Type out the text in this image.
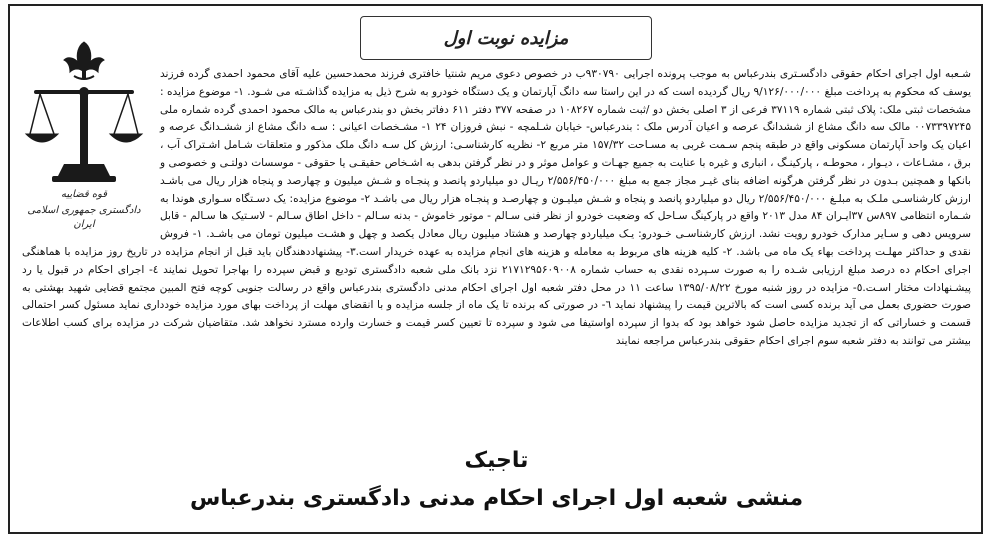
مزایده نوبت اول
قوه قضاییه
دادگستری جمهوری اسلامی ایران
شـعبه اول اجرای احکام حقوقی دادگسـتری بندرعباس به موجب پرونده اجرایی ۹۳۰۷۹۰ب در خصوص دعوی مریم شنتیا خافتری فرزند محمدحسین علیه آقای محمود احمدی گرده فرزند یوسف که محکوم به پرداخت مبلغ ۹/۱۲۶/۰۰۰/۰۰۰ ریال گردیده است که در این راستا سه دانگ آپارتمان و یک دستگاه خودرو به شرح ذیل به مزایده گذاشـته می شـود. ۱- موضوع مزایده : مشخصات ثبتی ملک: پلاک ثبتی شماره ۳۷۱۱۹ فرعی از ۳ اصلی بخش دو /ثبت شماره ۱۰۸۲۶۷ در صفحه ۳۷۷ دفتر ۶۱۱ دفاتر بخش دو بندرعباس به مالک محمود احمدی گرده شماره ملی ۰۰۷۳۳۹۷۲۴۵ مالک سه دانگ مشاع از ششدانگ عرصه و اعیان آدرس ملک : بندرعباس- خیابان شـلمچه - نبش فروزان ۲۴ ۱- مشـخصات اعیانی : سـه دانگ مشاع از ششـدانگ عرصه و اعیان یک واحد آپارتمان مسکونی واقع در طبقه پنجم سـمت غربی به مسـاحت ۱۵۷/۳۲ متر مربع ۲- نظریه کارشناسـی: ارزش کل سـه دانگ ملک مذکور و متعلقات شـامل اشـتراک آب ، برق ، مشـاعات ، دیـوار ، محوطـه ، پارکینـگ ، انباری و غیره با عنایت به جمیع جهـات و عوامل موثر و در نظر گرفتن بدهی به اشـخاص حقیقـی یا حقوقی - موسسات دولتـی و خصوصی و بانکها و همچنین بـدون در نظر گرفتن هرگونه اضافه بنای غیـر مجاز جمع به مبلغ ۲/۵۵۶/۴۵۰/۰۰۰ ریـال دو میلیاردو پانصد و پنجـاه و شـش میلیون و چهارصد و پنجاه هزار ریال می باشـد ارزش کارشناسـی ملـک به مبلـغ ۲/۵۵۶/۴۵۰/۰۰۰ ریال دو میلیاردو پانصد و پنجاه و شـش میلیـون و چهارصـد و پنجـاه هزار ریال می باشـد ۲- موضوع مزایده: یک دسـتگاه سـواری هوندا به شـماره انتظامی ۸۹۷س ۳۷ایـران ۸۴ مدل ۲۰۱۳ واقع در پارکینگ سـاحل که وضعیت خودرو از نظر فنی سـالم - موتور خاموش - بدنه سـالم - داخل اطاق سـالم - لاسـتیک ها سـالم - قابل سرویس دهی و سـایر مدارک خودرو رویت نشد. ارزش کارشناسـی خـودرو: یـک میلیاردو چهارصد و هشتاد میلیون ریال معادل یکصد و چهل و هشـت میلیون تومان می باشـد. ۱- فروش نقدی و حداکثر مهلـت پرداخت بهاء یک ماه می باشد. ۲- کلیه هزینه های مربوط به معامله و هزینه های انجام مزایده به عهده خریدار است.۳- پیشنهاددهندگان باید قبل از انجام مزایده در تاریخ روز مزایده با هماهنگی اجرای احکام ده درصد مبلغ ارزیابی شـده را به صورت سـپرده نقدی به حساب شماره ۲۱۷۱۲۹۵۶۰۹۰۰۸ نزد بانک ملی شعبه دادگستری تودیع و قبض سپرده را بهاجرا تحویل نمایند ٤- اجرای احکام در قبول یا رد پیشـنهادات مختار اسـت.٥- مزایده در روز شنبه مورخ ۱۳۹۵/۰۸/۲۲ ساعت ۱۱ در محل دفتر شعبه اول اجرای احکام مدنی دادگستری بندرعباس واقع در رسالت جنوبی کوچه فتح المبین مجتمع قضایی شهید بهشتی به صورت حضوری بعمل می آید برنده کسی است که بالاترین قیمت را پیشنهاد نماید ٦- در صورتی که برنده تا یک ماه از جلسه مزایده و با انقضای مهلت از پرداخت بهای مورد مزایده خودداری نماید مسئول کسر احتمالی قسمت و خساراتی که از تجدید مزایده حاصل شود خواهد بود که بدوا از سپرده اواستیفا می شود و سپرده تا تعیین کسر قیمت و خسارت وارده مسترد نخواهد شد. متقاضیان شرکت در مزایده برای کسب اطلاعات بیشتر می توانند به دفتر شعبه سوم اجرای احکام حقوقی بندرعباس مراجعه نمایند
تاجیک
منشی شعبه اول اجرای احکام مدنی دادگستری بندرعباس
